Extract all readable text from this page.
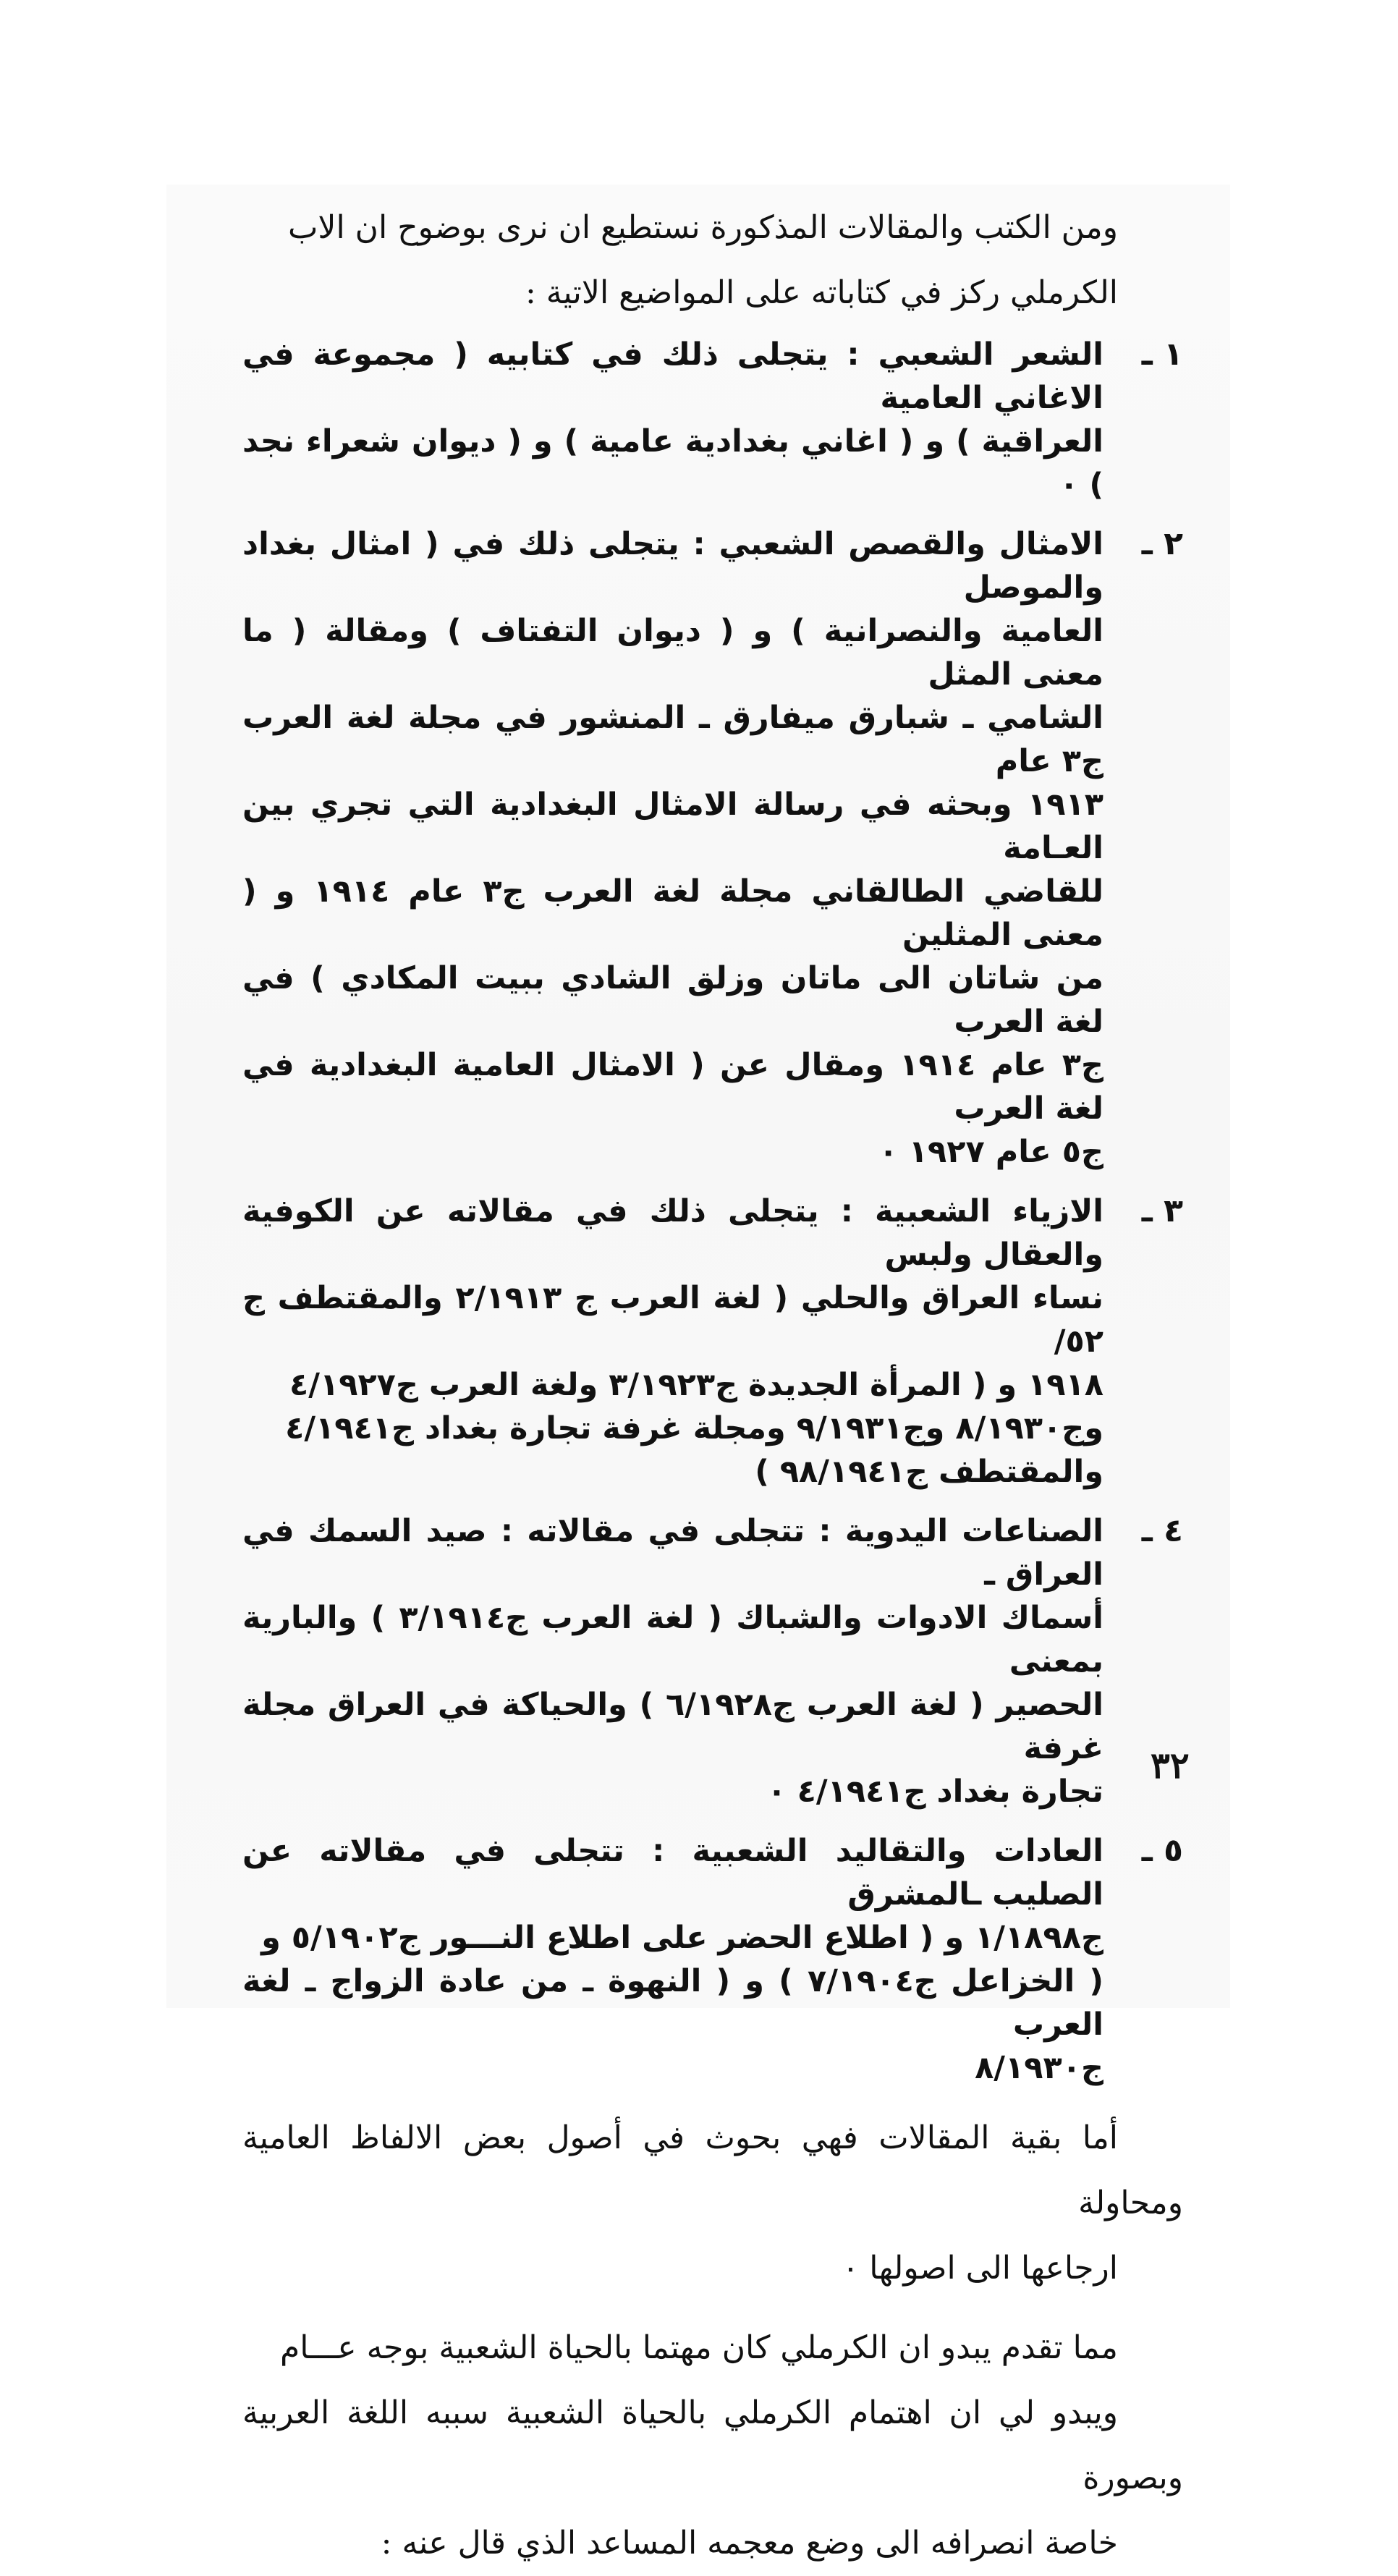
ومن الكتب والمقالات المذكورة نستطيع ان نرى بوضوح ان الاب
الكرملي ركز في كتاباته على المواضيع الاتية :

١ ـ
الشعر الشعبي : يتجلى ذلك في كتابيه ( مجموعة في الاغاني العامية
العراقية ) و ( اغاني بغدادية عامية ) و ( ديوان شعراء نجد ) ٠
٢ ـ
الامثال والقصص الشعبي : يتجلى ذلك في ( امثال بغداد والموصل
العامية والنصرانية ) و ( ديوان التفتاف ) ومقالة ( ما معنى المثل
الشامي ـ شبارق ميفارق ـ المنشور في مجلة لغة العرب ج٣ عام
١٩١٣ وبحثه في رسالة الامثال البغدادية التي تجري بين العـامة
للقاضي الطالقاني مجلة لغة العرب ج٣ عام ١٩١٤ و ( معنى المثلين
من شاتان الى ماتان وزلق الشادي ببيت المكادي ) في لغة العرب
ج٣ عام ١٩١٤ ومقال عن ( الامثال العامية البغدادية في لغة العرب
ج٥ عام ١٩٢٧ ٠
٣ ـ
الازياء الشعبية : يتجلى ذلك في مقالاته عن الكوفية والعقال ولبس
نساء العراق والحلي ( لغة العرب ج ٢/١٩١٣ والمقتطف ج ٥٢/
١٩١٨ و ( المرأة الجديدة ج٣/١٩٢٣ ولغة العرب ج٤/١٩٢٧
وج٨/١٩٣٠ وج٩/١٩٣١ ومجلة غرفة تجارة بغداد ج٤/١٩٤١
والمقتطف ج٩٨/١٩٤١ )
٤ ـ
الصناعات اليدوية : تتجلى في مقالاته : صيد السمك في العراق ـ
أسماك الادوات والشباك ( لغة العرب ج٣/١٩١٤ ) والبارية بمعنى
الحصير ( لغة العرب ج٦/١٩٢٨ ) والحياكة في العراق مجلة غرفة
تجارة بغداد ج٤/١٩٤١ ٠
٥ ـ
العادات والتقاليد الشعبية : تتجلى في مقالاته عن الصليب ـالمشرق
ج١/١٨٩٨ و ( اطلاع الحضر على اطلاع النـــور ج٥/١٩٠٢ و
( الخزاعل ج٧/١٩٠٤ ) و ( النهوة ـ من عادة الزواج ـ لغة العرب
ج٨/١٩٣٠

أما بقية المقالات فهي بحوث في أصول بعض الالفاظ العامية ومحاولة
ارجاعها الى اصولها ٠

مما تقدم يبدو ان الكرملي كان مهتما بالحياة الشعبية بوجه عـــام
ويبدو لي ان اهتمام الكرملي بالحياة الشعبية سببه اللغة العربية وبصورة
خاصة انصرافه الى وضع معجمه المساعد الذي قال عنه :

٣٢
